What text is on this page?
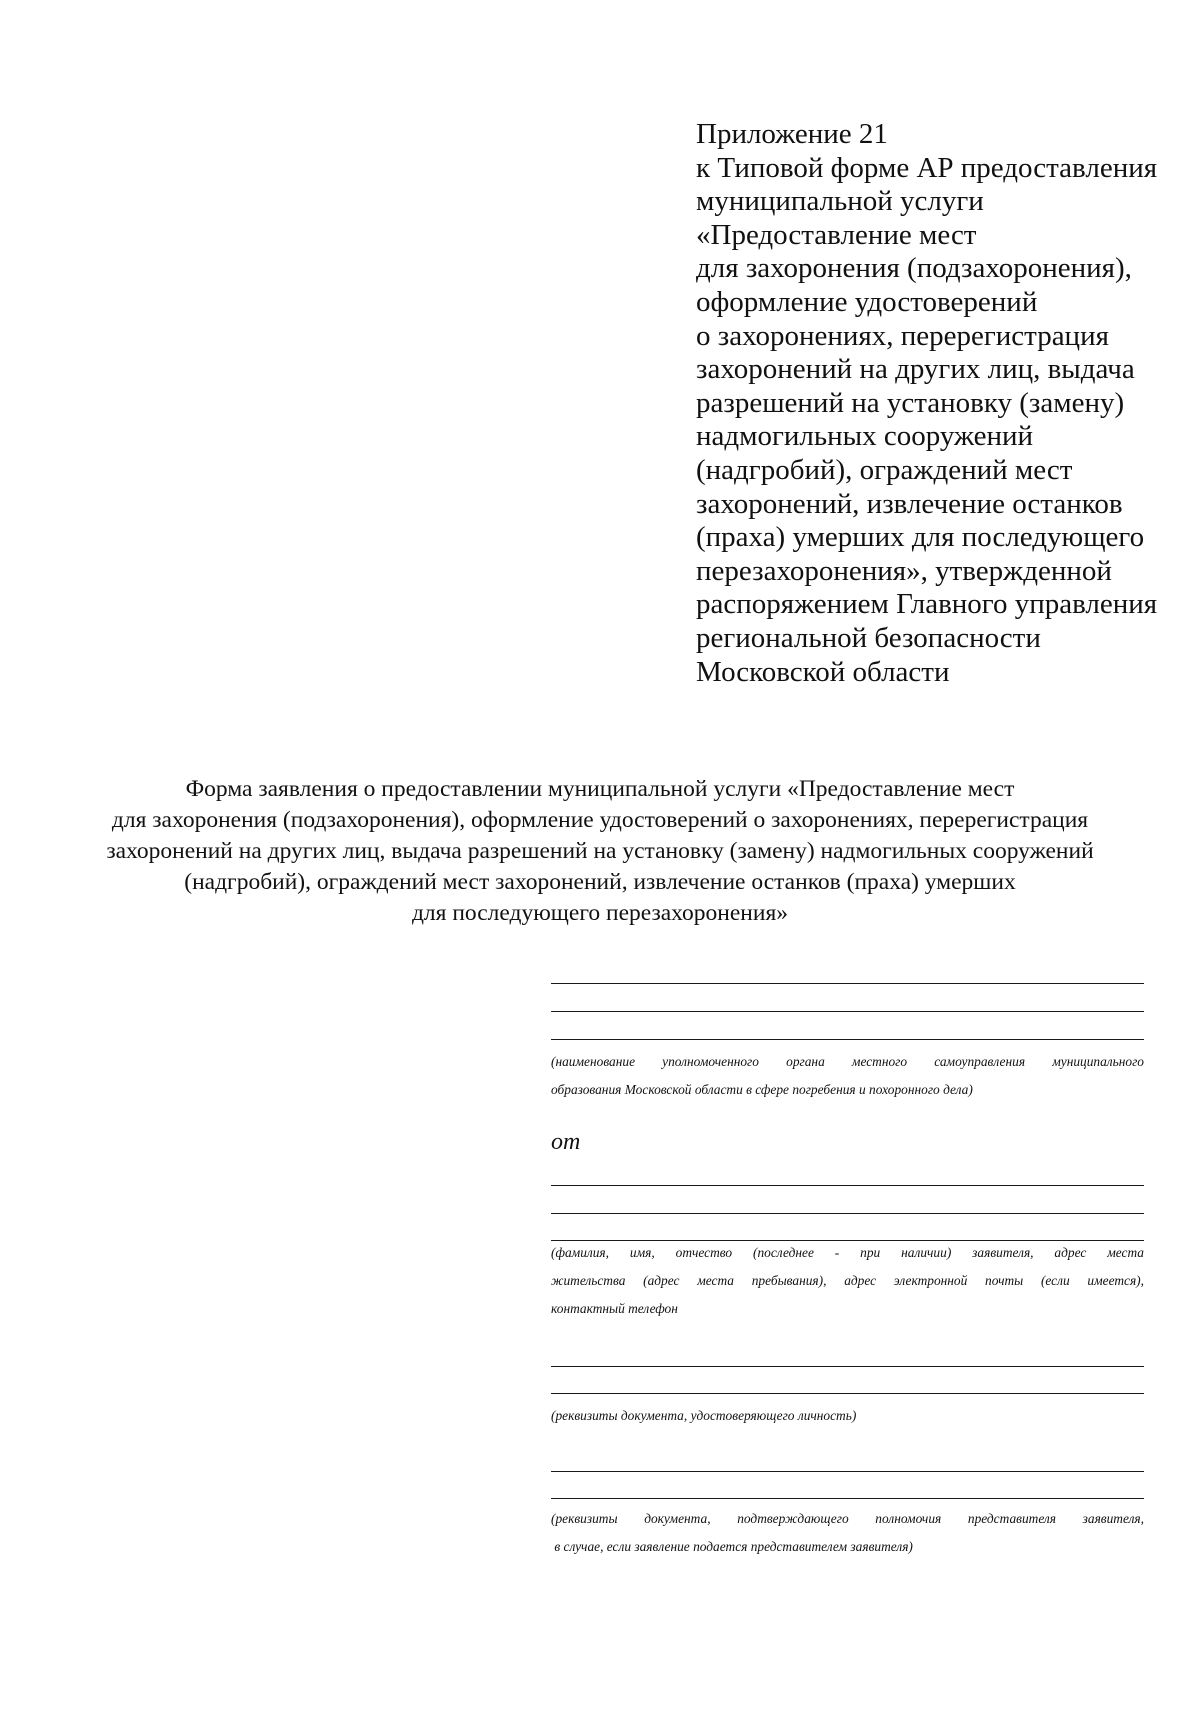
Приложение 21
к Типовой форме АР предоставления
муниципальной услуги
«Предоставление мест
для захоронения (подзахоронения),
оформление удостоверений
о захоронениях, перерегистрация
захоронений на других лиц, выдача
разрешений на установку (замену)
надмогильных сооружений
(надгробий), ограждений мест
захоронений, извлечение останков
(праха) умерших для последующего
перезахоронения», утвержденной
распоряжением Главного управления
региональной безопасности
Московской области
Форма заявления о предоставлении муниципальной услуги «Предоставление мест
для захоронения (подзахоронения), оформление удостоверений о захоронениях, перерегистрация
захоронений на других лиц, выдача разрешений на установку (замену) надмогильных сооружений
(надгробий), ограждений мест захоронений, извлечение останков (праха) умерших
для последующего перезахоронения»
(наименование уполномоченного органа местного самоуправления муниципального
образования Московской области в сфере погребения и похоронного дела)
от
(фамилия, имя, отчество (последнее - при наличии) заявителя, адрес места
жительства (адрес места пребывания), адрес электронной почты (если имеется),
контактный телефон
(реквизиты документа, удостоверяющего личность)
(реквизиты документа, подтверждающего полномочия представителя заявителя,
в случае, если заявление подается представителем заявителя)
